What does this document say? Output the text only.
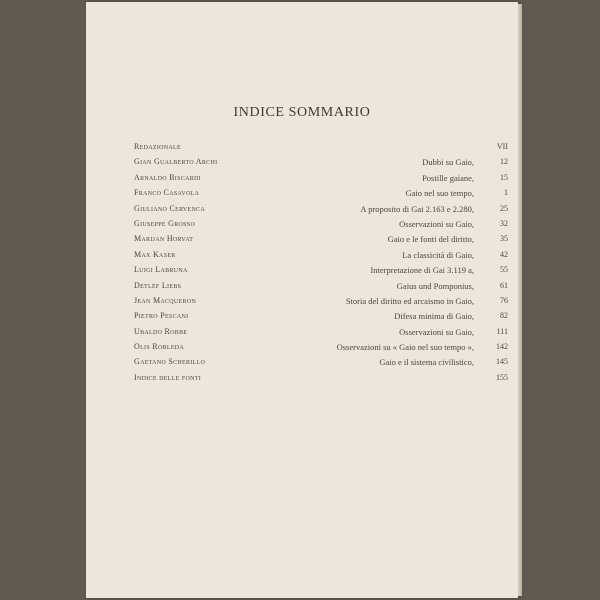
INDICE SOMMARIO
Redazionale	VII
Gian Gualberto Archi	Dubbi su Gaio,	12
Arnaldo Biscardi	Postille gaiane,	15
Franco Casavola	Gaio nel suo tempo,	1
Giuliano Cervenca	A proposito di Gai 2.163 e 2.280,	25
Giuseppe Grosso	Osservazioni su Gaio,	32
Marijan Horvat	Gaio e le fonti del diritto,	35
Max Kaser	La classicità di Gaio,	42
Luigi Labruna	Interpretazione di Gai 3.119 a,	55
Detlef Liebs	Gaius und Pomponius,	61
Jean Macqueron	Storia del diritto ed arcaismo in Gaio,	76
Pietro Pescani	Difesa minima di Gaio,	82
Ubaldo Robbe	Osservazioni su Gaio,	111
Olis Robleda	Osservazioni su « Gaio nel suo tempo »,	142
Gaetano Scherillo	Gaio e il sistema civilistico,	145
Indice delle fonti	155
